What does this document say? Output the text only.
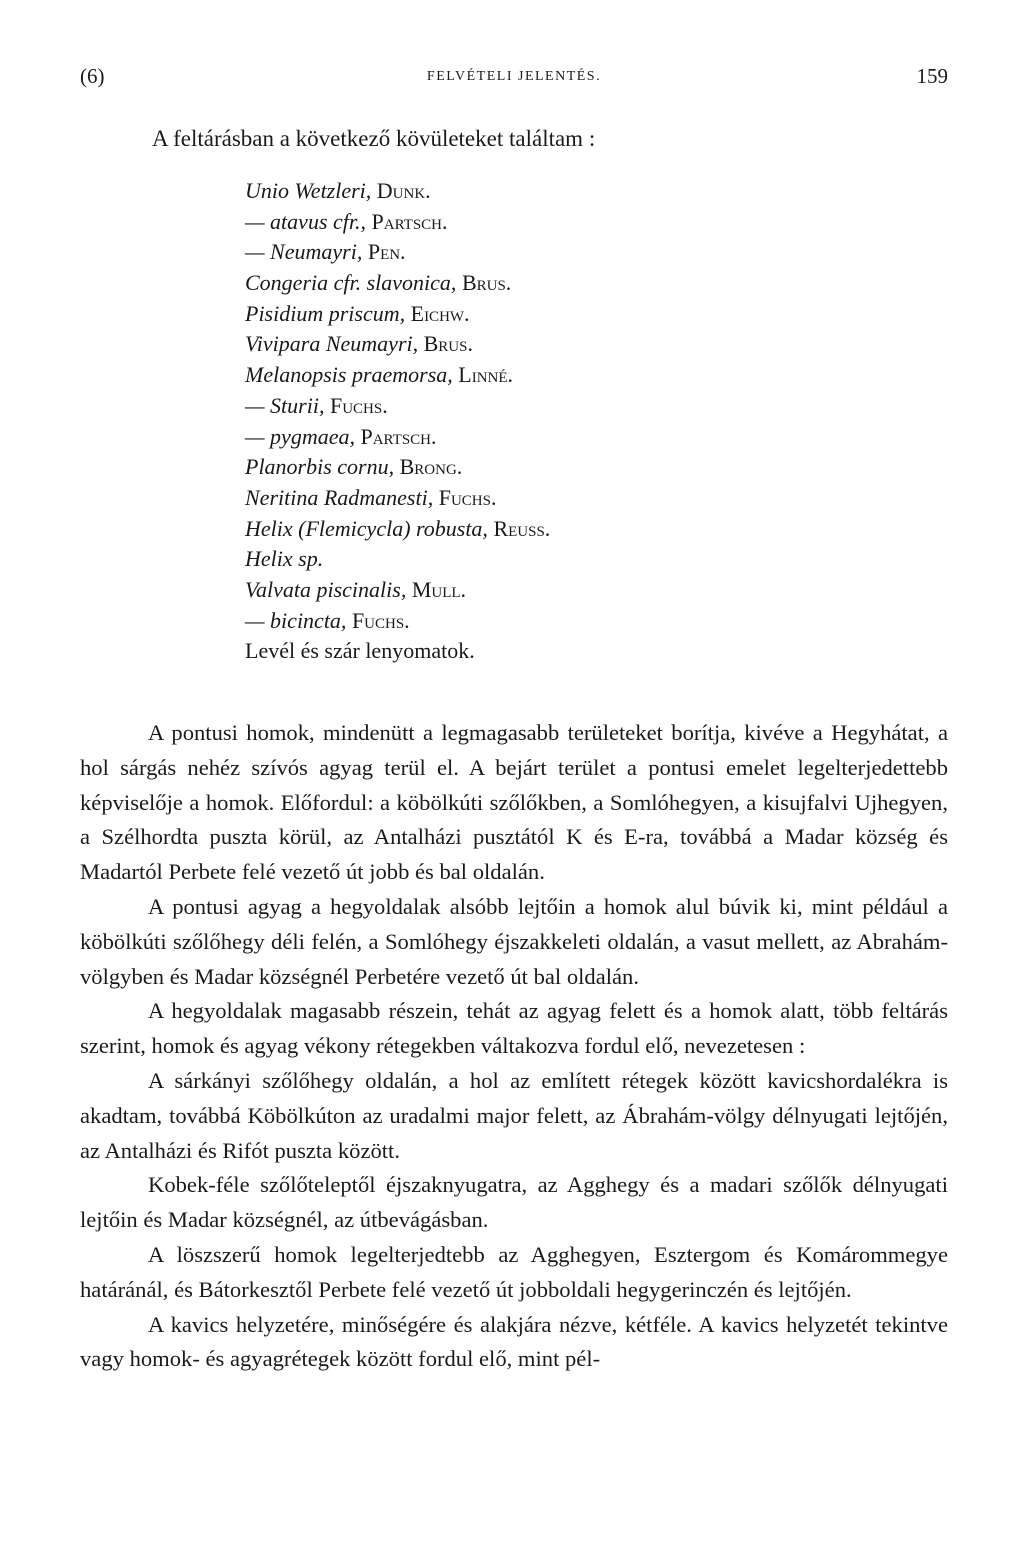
(6)	FELVÉTELI JELENTÉS.	159
A feltárásban a következő kövületeket találtam :
Unio Wetzleri, Dunk.
— atavus cfr., Partsch.
— Neumayri, Pen.
Congeria cfr. slavonica, Brus.
Pisidium priscum, Eichw.
Vivipara Neumayri, Brus.
Melanopsis praemorsa, Linné.
— Sturii, Fuchs.
— pygmaea, Partsch.
Planorbis cornu, Brong.
Neritina Radmanesti, Fuchs.
Helix (Flemicycla) robusta, Reuss.
Helix sp.
Valvata piscinalis, Mull.
— bicincta, Fuchs.
Levél és szár lenyomatok.

A pontusi homok, mindenütt a legmagasabb területeket borítja, kivéve a Hegyhátat, a hol sárgás nehéz szívós agyag terül el. A bejárt terület a pontusi emelet legelterjedettebb képviselője a homok. Előfordul: a köbölkúti szőlőkben, a Somlóhegyen, a kisujfalvi Ujhegyen, a Szélhordta puszta körül, az Antalházi pusztától K és E-ra, továbbá a Madar község és Madartól Perbete felé vezető út jobb és bal oldalán.

A pontusi agyag a hegyoldalak alsóbb lejtőin a homok alul búvik ki, mint például a köbölkúti szőlőhegy déli felén, a Somlóhegy éjszakkeleti oldalán, a vasut mellett, az Abrahám-völgyben és Madar községnél Perbetére vezető út bal oldalán.

A hegyoldalak magasabb részein, tehát az agyag felett és a homok alatt, több feltárás szerint, homok és agyag vékony rétegekben váltakozva fordul elő, nevezetesen :

A sárkányi szőlőhegy oldalán, a hol az említett rétegek között kavicshordalékra is akadtam, továbbá Köbölkúton az uradalmi major felett, az Ábrahám-völgy délnyugati lejtőjén, az Antalházi és Rifót puszta között.

Kobek-féle szőlőteleptől éjszaknyugatra, az Agghegy és a madari szőlők délnyugati lejtőin és Madar községnél, az útbevágásban.

A löszszerű homok legelterjedtebb az Agghegyen, Esztergom és Komárommegye határánál, és Bátorkesztől Perbete felé vezető út jobboldali hegygerinczén és lejtőjén.

A kavics helyzetére, minőségére és alakjára nézve, kétféle. A kavics helyzetét tekintve vagy homok- és agyagrétegek között fordul elő, mint pél-
